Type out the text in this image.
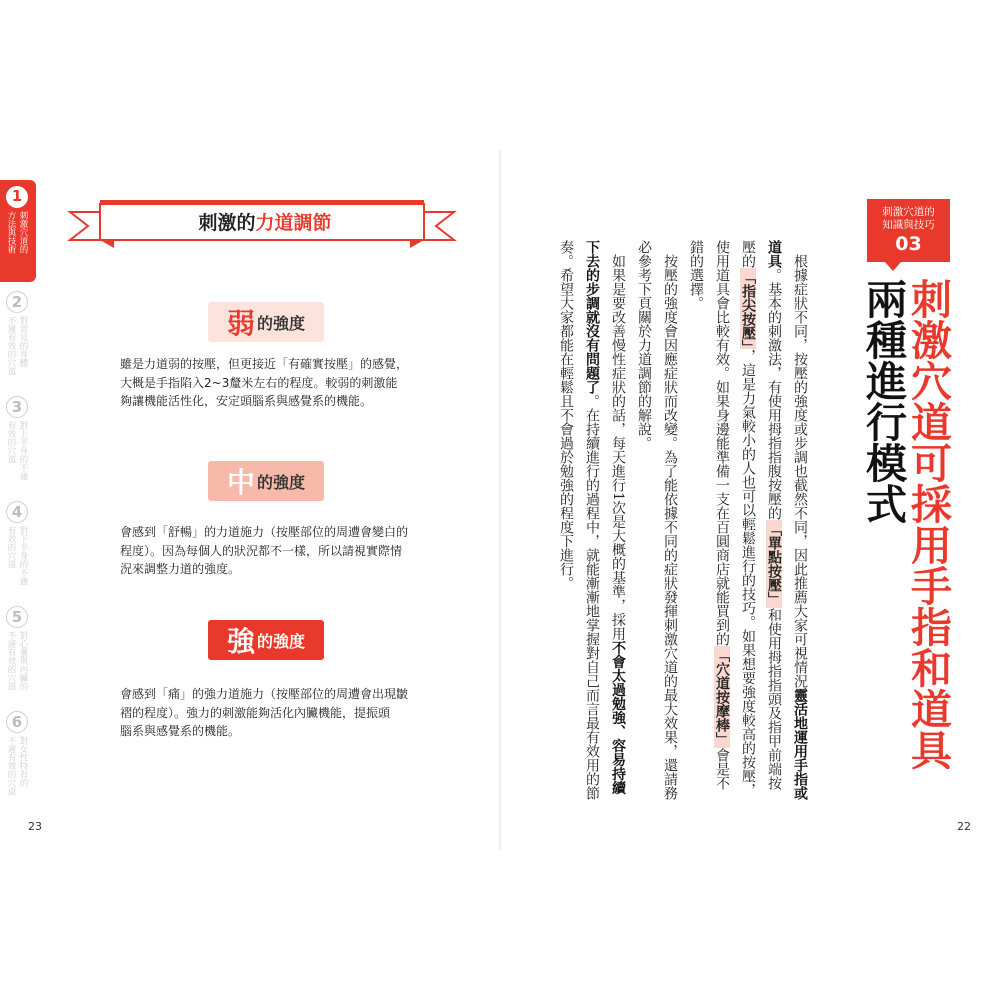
1
刺激穴道的
方法與技術
2
對常見的身體
不適有效的穴道
3
對上半身的不適
有效的穴道
4
對下半身的不適
有效的穴道
5
對心靈與內臟的
不適有效的穴道
6
對女性特有的
不適有效的穴道
刺激的力道調節
弱 的強度

雖是力道弱的按壓，但更接近「有確實按壓」的感覺，

大概是手指陷入2~3釐米左右的程度。較弱的刺激能

夠讓機能活性化，安定頭腦系與感覺系的機能。

中 的強度

會感到「舒暢」的力道施力（按壓部位的周遭會變白的

程度）。因為每個人的狀況都不一樣，所以請視實際情

況來調整力道的強度。

強 的強度

會感到「痛」的強力道施力（按壓部位的周遭會出現皺

褶的程度）。強力的刺激能夠活化內臟機能，提振頭

腦系與感覺系的機能。

23
刺激穴道的
知識與技巧
03
刺激穴道可採用手指和道具
兩種進行模式

根據症狀不同，按壓的強度或步調也截然不同，因此推薦大家可視情況靈活地運用手指或道具。基本的刺激法，有使用拇指指腹按壓的「單點按壓」和使用拇指指頭及指甲前端按壓的「指尖按壓」，這是力氣較小的人也可以輕鬆進行的技巧。如果想要強度較高的按壓，使用道具會比較有效。如果身邊能準備一支在百圓商店就能買到的「穴道按摩棒」會是不錯的選擇。

按壓的強度會因應症狀而改變。為了能依據不同的症狀發揮刺激穴道的最大效果，還請務必參考下頁關於力道調節的解說。

如果是要改善慢性症狀的話，每天進行1次是大概的基準，採用不會太過勉強、容易持續下去的步調就沒有問題了。在持續進行的過程中，就能漸漸地掌握對自己而言最有效用的節奏。希望大家都能在輕鬆且不會過於勉強的程度下進行。

22
